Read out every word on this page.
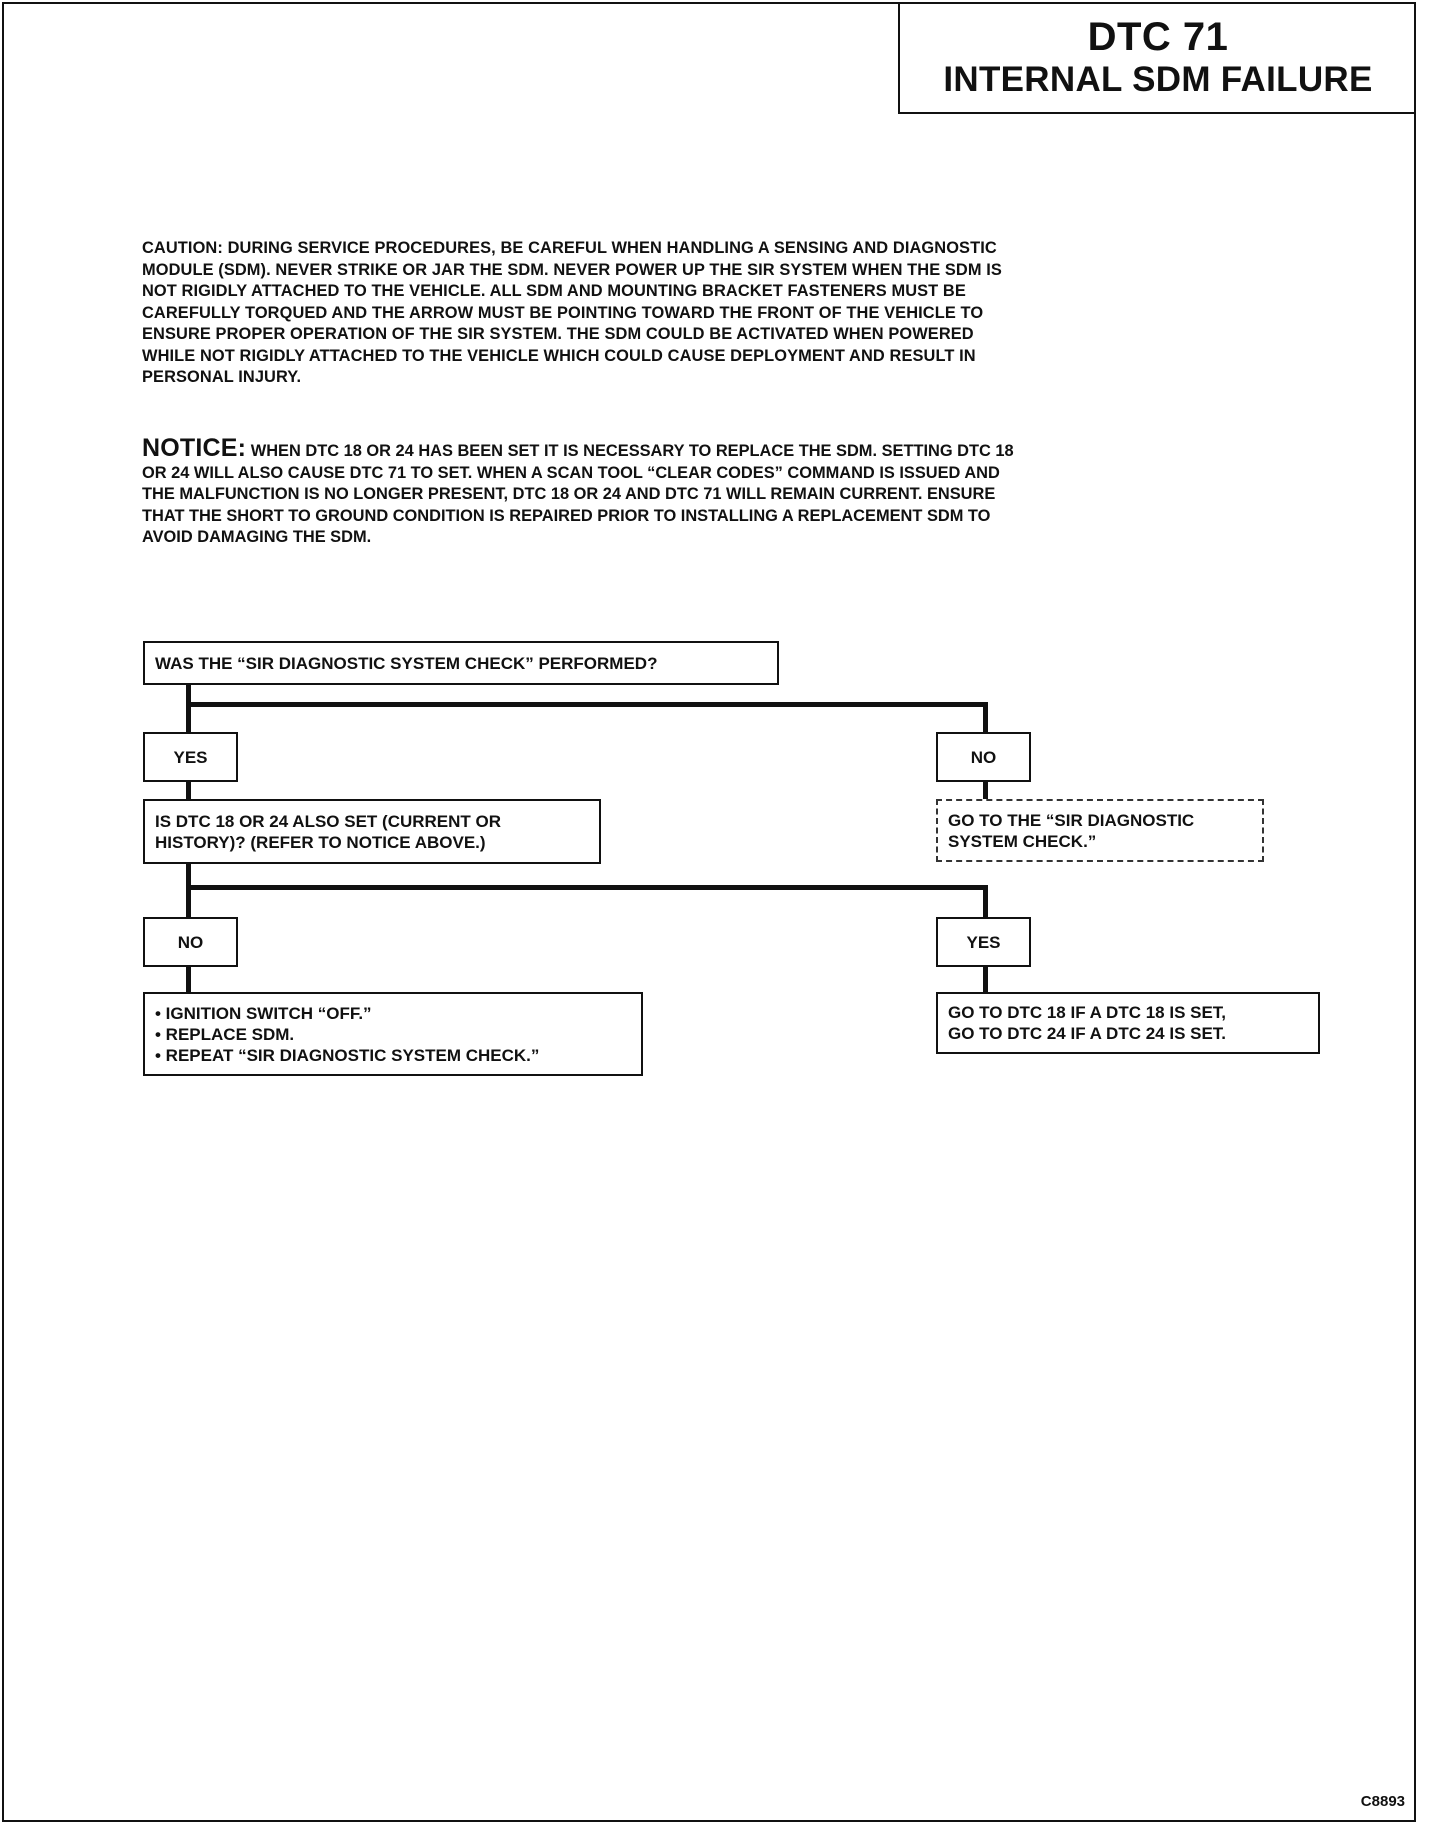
DTC 71
INTERNAL SDM FAILURE

CAUTION: DURING SERVICE PROCEDURES, BE CAREFUL WHEN HANDLING A SENSING AND DIAGNOSTIC

MODULE (SDM). NEVER STRIKE OR JAR THE SDM. NEVER POWER UP THE SIR SYSTEM WHEN THE SDM IS

NOT RIGIDLY ATTACHED TO THE VEHICLE. ALL SDM AND MOUNTING BRACKET FASTENERS MUST BE

CAREFULLY TORQUED AND THE ARROW MUST BE POINTING TOWARD THE FRONT OF THE VEHICLE TO

ENSURE PROPER OPERATION OF THE SIR SYSTEM. THE SDM COULD BE ACTIVATED WHEN POWERED

WHILE NOT RIGIDLY ATTACHED TO THE VEHICLE WHICH COULD CAUSE DEPLOYMENT AND RESULT IN

PERSONAL INJURY.

NOTICE: WHEN DTC 18 OR 24 HAS BEEN SET IT IS NECESSARY TO REPLACE THE SDM. SETTING DTC 18

OR 24 WILL ALSO CAUSE DTC 71 TO SET. WHEN A SCAN TOOL “CLEAR CODES” COMMAND IS ISSUED AND

THE MALFUNCTION IS NO LONGER PRESENT, DTC 18 OR 24 AND DTC 71 WILL REMAIN CURRENT. ENSURE

THAT THE SHORT TO GROUND CONDITION IS REPAIRED PRIOR TO INSTALLING A REPLACEMENT SDM TO

AVOID DAMAGING THE SDM.

WAS THE “SIR DIAGNOSTIC SYSTEM CHECK” PERFORMED?

YES	NO

GO TO THE “SIR DIAGNOSTIC

SYSTEM CHECK.”

IS DTC 18 OR 24 ALSO SET (CURRENT OR

HISTORY)? (REFER TO NOTICE ABOVE.)

NO	YES

• IGNITION SWITCH “OFF.”

• REPLACE SDM.

• REPEAT “SIR DIAGNOSTIC SYSTEM CHECK.”

GO TO DTC 18 IF A DTC 18 IS SET,

GO TO DTC 24 IF A DTC 24 IS SET.

C8893
